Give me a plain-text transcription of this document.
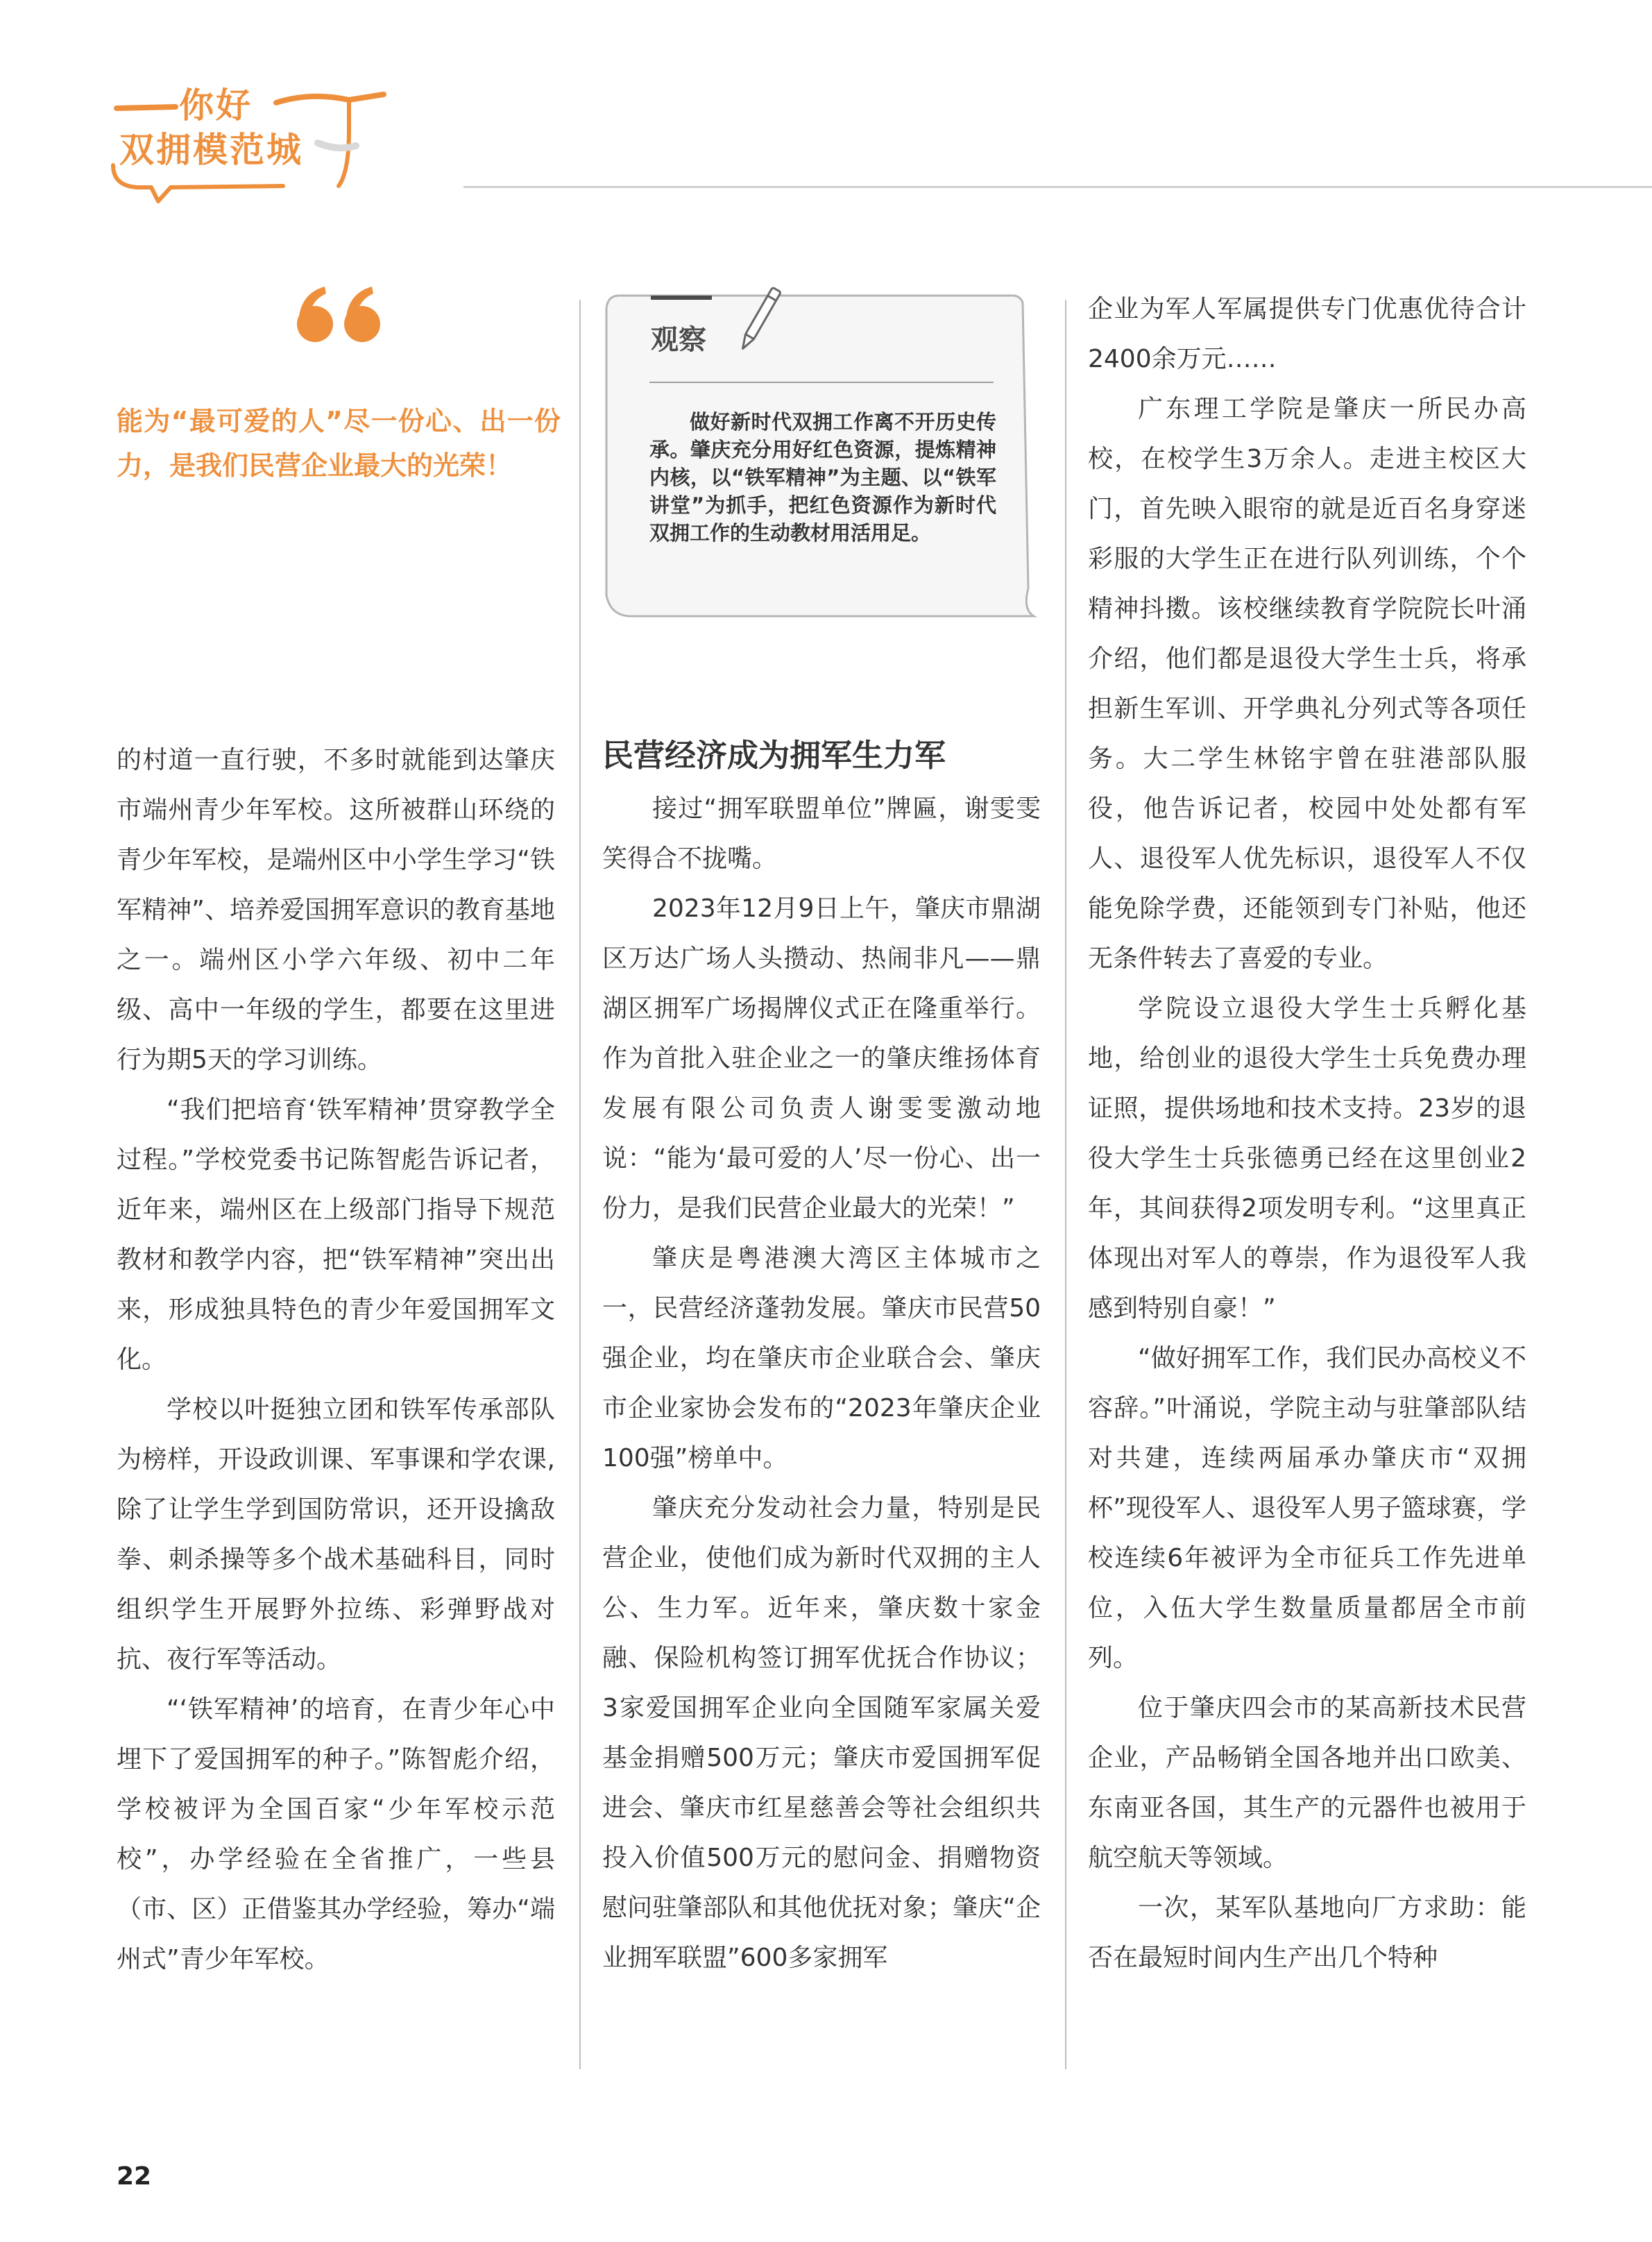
你好
双拥模范城
能为“最可爱的人”尽一份心、出一份力，是我们民营企业最大的光荣！
观察

做好新时代双拥工作离不开历史传承。肇庆充分用好红色资源，提炼精神内核，以“铁军精神”为主题、以“铁军讲堂”为抓手，把红色资源作为新时代双拥工作的生动教材用活用足。

民营经济成为拥军生力军

的村道一直行驶，不多时就能到达肇庆市端州青少年军校。这所被群山环绕的青少年军校，是端州区中小学生学习“铁军精神”、培养爱国拥军意识的教育基地之一。端州区小学六年级、初中二年级、高中一年级的学生，都要在这里进行为期5天的学习训练。

“我们把培育‘铁军精神’贯穿教学全过程。”学校党委书记陈智彪告诉记者，近年来，端州区在上级部门指导下规范教材和教学内容，把“铁军精神”突出出来，形成独具特色的青少年爱国拥军文化。

学校以叶挺独立团和铁军传承部队为榜样，开设政训课、军事课和学农课,除了让学生学到国防常识，还开设擒敌拳、刺杀操等多个战术基础科目，同时组织学生开展野外拉练、彩弹野战对抗、夜行军等活动。

“‘铁军精神’的培育，在青少年心中埋下了爱国拥军的种子。”陈智彪介绍，学校被评为全国百家“少年军校示范校”，办学经验在全省推广，一些县（市、区）正借鉴其办学经验，筹办“端州式”青少年军校。

接过“拥军联盟单位”牌匾，谢雯雯笑得合不拢嘴。

2023年12月9日上午，肇庆市鼎湖区万达广场人头攒动、热闹非凡——鼎湖区拥军广场揭牌仪式正在隆重举行。作为首批入驻企业之一的肇庆维扬体育发展有限公司负责人谢雯雯激动地说：“能为‘最可爱的人’尽一份心、出一份力，是我们民营企业最大的光荣！”

肇庆是粤港澳大湾区主体城市之一，民营经济蓬勃发展。肇庆市民营50强企业，均在肇庆市企业联合会、肇庆市企业家协会发布的“2023年肇庆企业100强”榜单中。

肇庆充分发动社会力量，特别是民营企业，使他们成为新时代双拥的主人公、生力军。近年来，肇庆数十家金融、保险机构签订拥军优抚合作协议；3家爱国拥军企业向全国随军家属关爱基金捐赠500万元；肇庆市爱国拥军促进会、肇庆市红星慈善会等社会组织共投入价值500万元的慰问金、捐赠物资慰问驻肇部队和其他优抚对象；肇庆“企业拥军联盟”600多家拥军

企业为军人军属提供专门优惠优待合计2400余万元……

广东理工学院是肇庆一所民办高校，在校学生3万余人。走进主校区大门，首先映入眼帘的就是近百名身穿迷彩服的大学生正在进行队列训练，个个精神抖擞。该校继续教育学院院长叶涌介绍，他们都是退役大学生士兵，将承担新生军训、开学典礼分列式等各项任务。大二学生林铭宇曾在驻港部队服役，他告诉记者，校园中处处都有军人、退役军人优先标识，退役军人不仅能免除学费，还能领到专门补贴，他还无条件转去了喜爱的专业。

学院设立退役大学生士兵孵化基地，给创业的退役大学生士兵免费办理证照，提供场地和技术支持。23岁的退役大学生士兵张德勇已经在这里创业2年，其间获得2项发明专利。“这里真正体现出对军人的尊崇，作为退役军人我感到特别自豪！”

“做好拥军工作，我们民办高校义不容辞。”叶涌说，学院主动与驻肇部队结对共建，连续两届承办肇庆市“双拥杯”现役军人、退役军人男子篮球赛，学校连续6年被评为全市征兵工作先进单位，入伍大学生数量质量都居全市前列。

位于肇庆四会市的某高新技术民营企业，产品畅销全国各地并出口欧美、东南亚各国，其生产的元器件也被用于航空航天等领域。

一次，某军队基地向厂方求助：能否在最短时间内生产出几个特种

22
